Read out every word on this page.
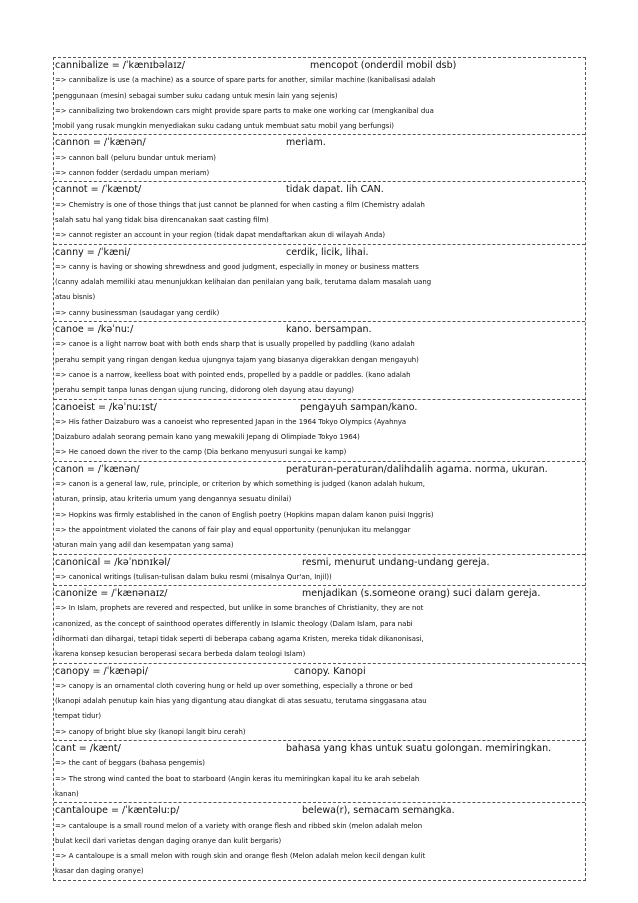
cannibalize = /ˈkænɪbəlaɪz/	mencopot (onderdil mobil dsb)
=> cannibalize is use (a machine) as a source of spare parts for another, similar machine (kanibalisasi adalah
penggunaan (mesin) sebagai sumber suku cadang untuk mesin lain yang sejenis)
=> cannibalizing two brokendown cars might provide spare parts to make one working car (mengkanibal dua
mobil yang rusak mungkin menyediakan suku cadang untuk membuat satu mobil yang berfungsi)
cannon = /ˈkænən/	meriam.
=> cannon ball (peluru bundar untuk meriam)
=> cannon fodder (serdadu umpan meriam)
cannot = /ˈkænɒt/	tidak dapat. lih CAN.
=> Chemistry is one of those things that just cannot be planned for when casting a film (Chemistry adalah
salah satu hal yang tidak bisa direncanakan saat casting film)
=> cannot register an account in your region (tidak dapat mendaftarkan akun di wilayah Anda)
canny = /ˈkæni/	cerdik, licik, lihai.
=> canny is having or showing shrewdness and good judgment, especially in money or business matters
(canny adalah memiliki atau menunjukkan kelihaian dan penilaian yang baik, terutama dalam masalah uang
atau bisnis)
=> canny businessman (saudagar yang cerdik)
canoe = /kəˈnuː/	kano. bersampan.
=> canoe is a light narrow boat with both ends sharp that is usually propelled by paddling (kano adalah
perahu sempit yang ringan dengan kedua ujungnya tajam yang biasanya digerakkan dengan mengayuh)
=> canoe is a narrow, keelless boat with pointed ends, propelled by a paddle or paddles. (kano adalah
perahu sempit tanpa lunas dengan ujung runcing, didorong oleh dayung atau dayung)
canoeist = /kəˈnuːɪst/	pengayuh sampan/kano.
=> His father Daizaburo was a canoeist who represented Japan in the 1964 Tokyo Olympics (Ayahnya
Daizaburo adalah seorang pemain kano yang mewakili Jepang di Olimpiade Tokyo 1964)
=> He canoed down the river to the camp (Dia berkano menyusuri sungai ke kamp)
canon = /ˈkænən/	peraturan-peraturan/dalihdalih agama. norma, ukuran.
=> canon is a general law, rule, principle, or criterion by which something is judged (kanon adalah hukum,
aturan, prinsip, atau kriteria umum yang dengannya sesuatu dinilai)
=> Hopkins was firmly established in the canon of English poetry (Hopkins mapan dalam kanon puisi Inggris)
=> the appointment violated the canons of fair play and equal opportunity (penunjukan itu melanggar
aturan main yang adil dan kesempatan yang sama)
canonical = /kəˈnɒnɪkəl/	resmi, menurut undang-undang gereja.
=> canonical writings (tulisan-tulisan dalam buku resmi (misalnya Qur'an, Injil))
canonize = /ˈkænənaɪz/	menjadikan (s.someone orang) suci dalam gereja.
=> In Islam, prophets are revered and respected, but unlike in some branches of Christianity, they are not
canonized, as the concept of sainthood operates differently in Islamic theology (Dalam Islam, para nabi
dihormati dan dihargai, tetapi tidak seperti di beberapa cabang agama Kristen, mereka tidak dikanonisasi,
karena konsep kesucian beroperasi secara berbeda dalam teologi Islam)
canopy = /ˈkænəpi/	canopy. Kanopi
=> canopy is an ornamental cloth covering hung or held up over something, especially a throne or bed
(kanopi adalah penutup kain hias yang digantung atau diangkat di atas sesuatu, terutama singgasana atau
tempat tidur)
=> canopy of bright blue sky (kanopi langit biru cerah)
cant = /kænt/	bahasa yang khas untuk suatu golongan. memiringkan.
=> the cant of beggars (bahasa pengemis)
=> The strong wind canted the boat to starboard (Angin keras itu memiringkan kapal itu ke arah sebelah
kanan)
cantaloupe = /ˈkæntəluːp/	belewa(r), semacam semangka.
=> cantaloupe is a small round melon of a variety with orange flesh and ribbed skin (melon adalah melon
bulat kecil dari varietas dengan daging oranye dan kulit bergaris)
=> A cantaloupe is a small melon with rough skin and orange flesh (Melon adalah melon kecil dengan kulit
kasar dan daging oranye)
